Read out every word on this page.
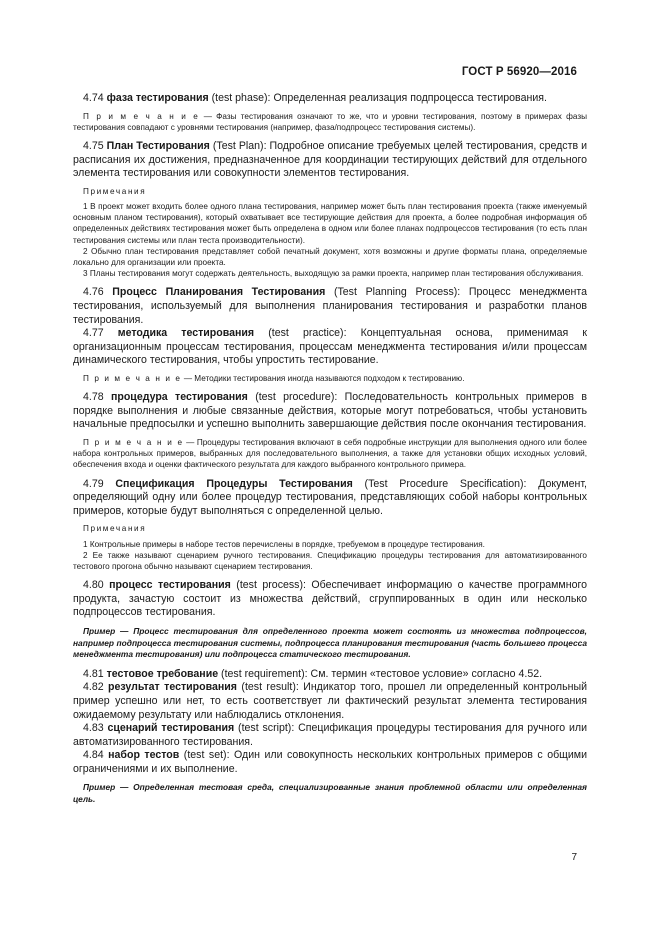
ГОСТ Р 56920—2016

4.74 фаза тестирования (test phase): Определенная реализация подпроцесса тестирования.

П р и м е ч а н и е — Фазы тестирования означают то же, что и уровни тестирования, поэтому в примерах фазы тестирования совпадают с уровнями тестирования (например, фаза/подпроцесс тестирования системы).

4.75 План Тестирования (Test Plan): Подробное описание требуемых целей тестирования, средств и расписания их достижения, предназначенное для координации тестирующих действий для отдельного элемента тестирования или совокупности элементов тестирования.

Примечания

1 В проект может входить более одного плана тестирования, например может быть план тестирования проекта (также именуемый основным планом тестирования), который охватывает все тестирующие действия для проекта, а более подробная информация об определенных действиях тестирования может быть определена в одном или более планах подпроцессов тестирования (то есть план тестирования системы или план теста производительности).

2 Обычно план тестирования представляет собой печатный документ, хотя возможны и другие форматы плана, определяемые локально для организации или проекта.

3 Планы тестирования могут содержать деятельность, выходящую за рамки проекта, например план тестирования обслуживания.

4.76 Процесс Планирования Тестирования (Test Planning Process): Процесс менеджмента тестирования, используемый для выполнения планирования тестирования и разработки планов тестирования.

4.77 методика тестирования (test practice): Концептуальная основа, применимая к организационным процессам тестирования, процессам менеджмента тестирования и/или процессам динамического тестирования, чтобы упростить тестирование.

П р и м е ч а н и е — Методики тестирования иногда называются подходом к тестированию.

4.78 процедура тестирования (test procedure): Последовательность контрольных примеров в порядке выполнения и любые связанные действия, которые могут потребоваться, чтобы установить начальные предпосылки и успешно выполнить завершающие действия после окончания тестирования.

П р и м е ч а н и е — Процедуры тестирования включают в себя подробные инструкции для выполнения одного или более набора контрольных примеров, выбранных для последовательного выполнения, а также для установки общих исходных условий, обеспечения входа и оценки фактического результата для каждого выбранного контрольного примера.

4.79 Спецификация Процедуры Тестирования (Test Procedure Specification): Документ, определяющий одну или более процедур тестирования, представляющих собой наборы контрольных примеров, которые будут выполняться с определенной целью.

Примечания

1 Контрольные примеры в наборе тестов перечислены в порядке, требуемом в процедуре тестирования.

2 Ее также называют сценарием ручного тестирования. Спецификацию процедуры тестирования для автоматизированного тестового прогона обычно называют сценарием тестирования.

4.80 процесс тестирования (test process): Обеспечивает информацию о качестве программного продукта, зачастую состоит из множества действий, сгруппированных в один или несколько подпроцессов тестирования.

Пример — Процесс тестирования для определенного проекта может состоять из множества подпроцессов, например подпроцесса тестирования системы, подпроцесса планирования тестирования (часть большего процесса менеджмента тестирования) или подпроцесса статического тестирования.

4.81 тестовое требование (test requirement): См. термин «тестовое условие» согласно 4.52.

4.82 результат тестирования (test result): Индикатор того, прошел ли определенный контрольный пример успешно или нет, то есть соответствует ли фактический результат элемента тестирования ожидаемому результату или наблюдались отклонения.

4.83 сценарий тестирования (test script): Спецификация процедуры тестирования для ручного или автоматизированного тестирования.

4.84 набор тестов (test set): Один или совокупность нескольких контрольных примеров с общими ограничениями и их выполнение.

Пример — Определенная тестовая среда, специализированные знания проблемной области или определенная цель.

7
